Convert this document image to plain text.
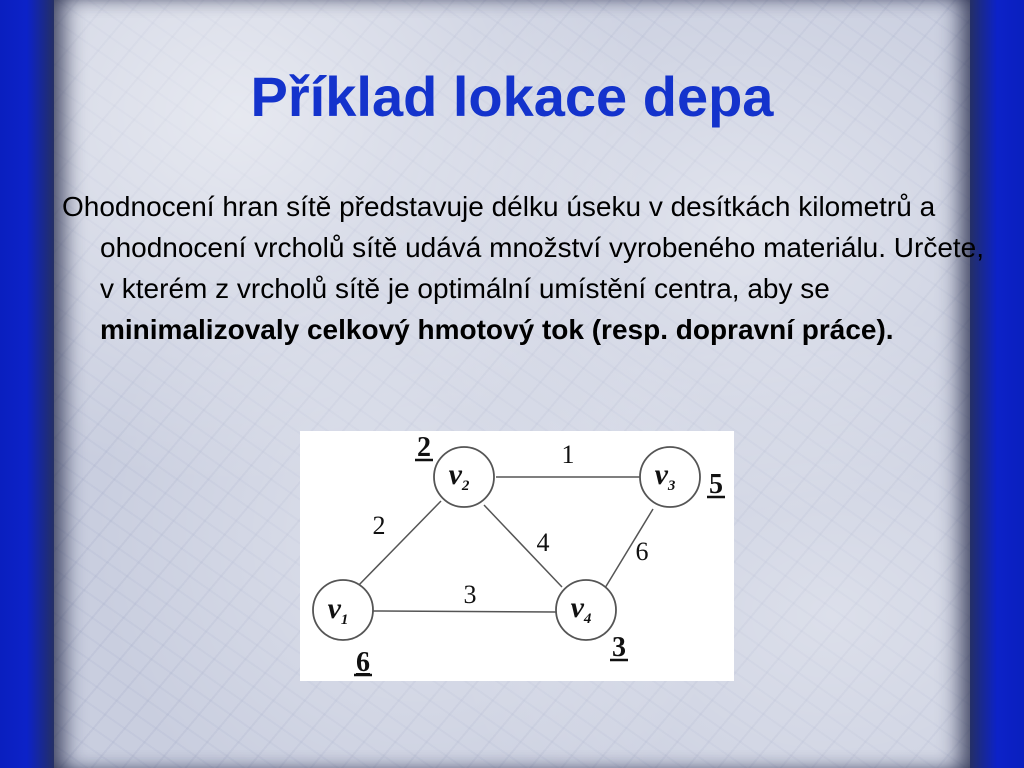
Příklad lokace depa

Ohodnocení hran sítě představuje délku úseku v desítkách kilometrů a ohodnocení vrcholů sítě udává množství vyrobeného materiálu. Určete, v kterém z vrcholů sítě je optimální umístění centra, aby se minimalizovaly celkový hmotový tok (resp. dopravní práce).

1
2
4	6
3
$v_1$
$v_2$	$v_3$
$v_4$
6
2
5
3
